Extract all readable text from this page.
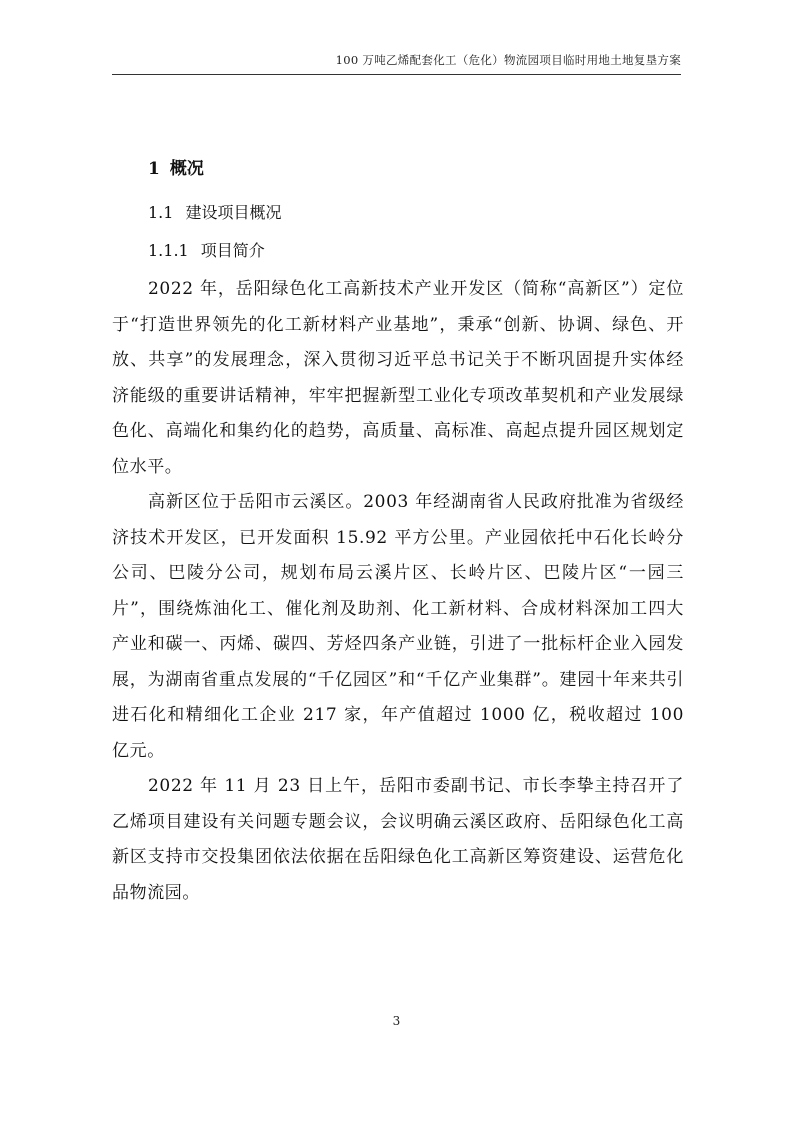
100 万吨乙烯配套化工（危化）物流园项目临时用地土地复垦方案
1 概况
1.1 建设项目概况
1.1.1 项目简介

2022 年，岳阳绿色化工高新技术产业开发区（简称“高新区”）定位于“打造世界领先的化工新材料产业基地”，秉承“创新、协调、绿色、开放、共享”的发展理念，深入贯彻习近平总书记关于不断巩固提升实体经济能级的重要讲话精神，牢牢把握新型工业化专项改革契机和产业发展绿色化、高端化和集约化的趋势，高质量、高标准、高起点提升园区规划定位水平。

高新区位于岳阳市云溪区。2003 年经湖南省人民政府批准为省级经济技术开发区，已开发面积 15.92 平方公里。产业园依托中石化长岭分公司、巴陵分公司，规划布局云溪片区、长岭片区、巴陵片区“一园三片”，围绕炼油化工、催化剂及助剂、化工新材料、合成材料深加工四大产业和碳一、丙烯、碳四、芳烃四条产业链，引进了一批标杆企业入园发展，为湖南省重点发展的“千亿园区”和“千亿产业集群”。建园十年来共引进石化和精细化工企业 217 家，年产值超过 1000 亿，税收超过 100 亿元。

2022 年 11 月 23 日上午，岳阳市委副书记、市长李挚主持召开了乙烯项目建设有关问题专题会议，会议明确云溪区政府、岳阳绿色化工高新区支持市交投集团依法依据在岳阳绿色化工高新区筹资建设、运营危化品物流园。

3
